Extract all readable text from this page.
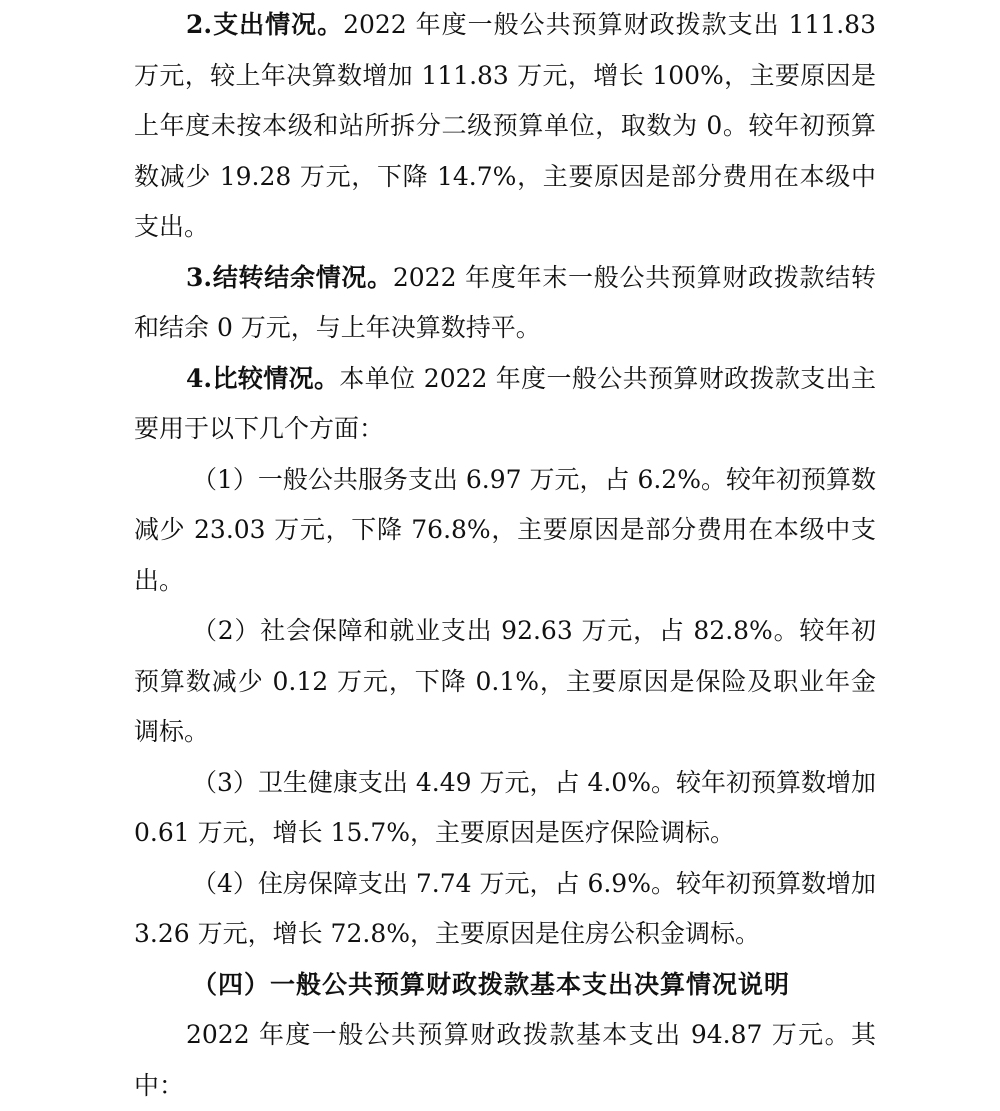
2.支出情况。2022 年度一般公共预算财政拨款支出 111.83 万元，较上年决算数增加 111.83 万元，增长 100%，主要原因是上年度未按本级和站所拆分二级预算单位，取数为 0。较年初预算数减少 19.28 万元，下降 14.7%，主要原因是部分费用在本级中支出。

3.结转结余情况。2022 年度年末一般公共预算财政拨款结转和结余 0 万元，与上年决算数持平。

4.比较情况。本单位 2022 年度一般公共预算财政拨款支出主要用于以下几个方面：

（1）一般公共服务支出 6.97 万元，占 6.2%。较年初预算数减少 23.03 万元，下降 76.8%，主要原因是部分费用在本级中支出。

（2）社会保障和就业支出 92.63 万元，占 82.8%。较年初预算数减少 0.12 万元，下降 0.1%，主要原因是保险及职业年金调标。

（3）卫生健康支出 4.49 万元，占 4.0%。较年初预算数增加 0.61 万元，增长 15.7%，主要原因是医疗保险调标。

（4）住房保障支出 7.74 万元，占 6.9%。较年初预算数增加 3.26 万元，增长 72.8%，主要原因是住房公积金调标。

（四）一般公共预算财政拨款基本支出决算情况说明

2022 年度一般公共预算财政拨款基本支出 94.87 万元。其中：
